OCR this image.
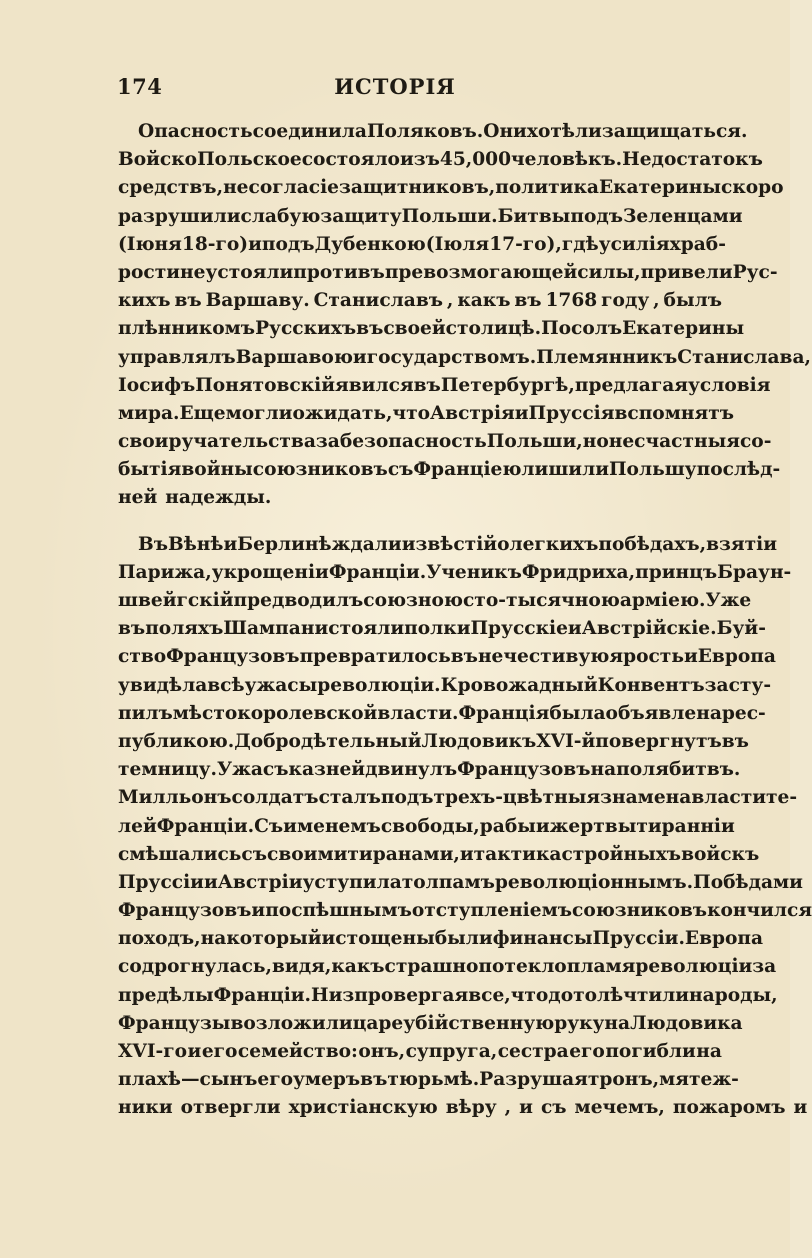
174	ИСТОРІЯ
Опасность соединила Поляковъ. Они хотѣли защищаться.
Войско Польское состояло изъ 45,000 человѣкъ. Недостатокъ
средствъ , несогласіе защитниковъ , политика Екатерины скоро
разрушили слабую защиту Польши. Битвы подъ Зеленцами
(Іюня 18-го) и подъ Дубенкою (Іюля 17-го), гдѣ усилія храб-
рости не устояли противъ превозмогающей силы, привели Рус-
кихъ въ Варшаву. Станиславъ , какъ въ 1768 году , былъ
плѣнникомъ Русскихъ въ своей столицѣ. Посолъ Екатерины
управлялъ Варшавою и государствомъ. Племянникъ Станислава,
Іосифъ Понятовскій явился въ Петербургѣ, предлагая условія
мира. Еще могли ожидать, что Австрія и Пруссія вспомнятъ
свои ручательства за безопасность Польши , но несчастныя со-
бытія войны союзниковъ съ Франціею лишили Польшу послѣд-
ней надежды.
Въ Вѣнѣ и Берлинѣ ждали извѣстій о легкихъ побѣдахъ, взятіи
Парижа, укрощеніи Франціи. Ученикъ Фридриха, принцъ Браун-
швейгскій предводилъ союзною сто-тысячною арміею. Уже
въ поляхъ Шампани стояли полки Прусскіе и Австрійскіе. Буй-
ство Французовъ превратилось въ нечестивую ярость и Европа
увидѣла всѣ ужасы революціи. Кровожадный Конвентъ засту-
пилъ мѣсто королевской власти. Франція была объявлена рес-
публикою. Добродѣтельный Людовикъ XVI-й повергнутъ въ
темницу. Ужасъ казней двинулъ Французовъ на поля битвъ.
Милльонъ солдатъ сталъ подъ трехъ-цвѣтныя знамена властите-
лей Франціи. Съ именемъ свободы, рабы и жертвы тиранніи
смѣшались съ своими тиранами, и тактика стройныхъ войскъ
Пруссіи и Австріи уступила толпамъ революціоннымъ. Побѣдами
Французовъ и поспѣшнымъ отступленіемъ союзниковъ кончился
походъ, на который истощены были финансы Пруссіи. Европа
содрогнулась , видя , какъ страшно потекло пламя революціи за
предѣлы Франціи. Низпровергая все, что дотолѣ чтили народы,
Французы возложили цареубійственную руку на Людовика
XVI-го и его семейство: онъ, супруга, сестра его погибли на
плахѣ — сынъ его умеръ въ тюрьмѣ. Разрушая тронъ, мятеж-
ники отвергли христіанскую вѣру , и съ мечемъ, пожаромъ и
